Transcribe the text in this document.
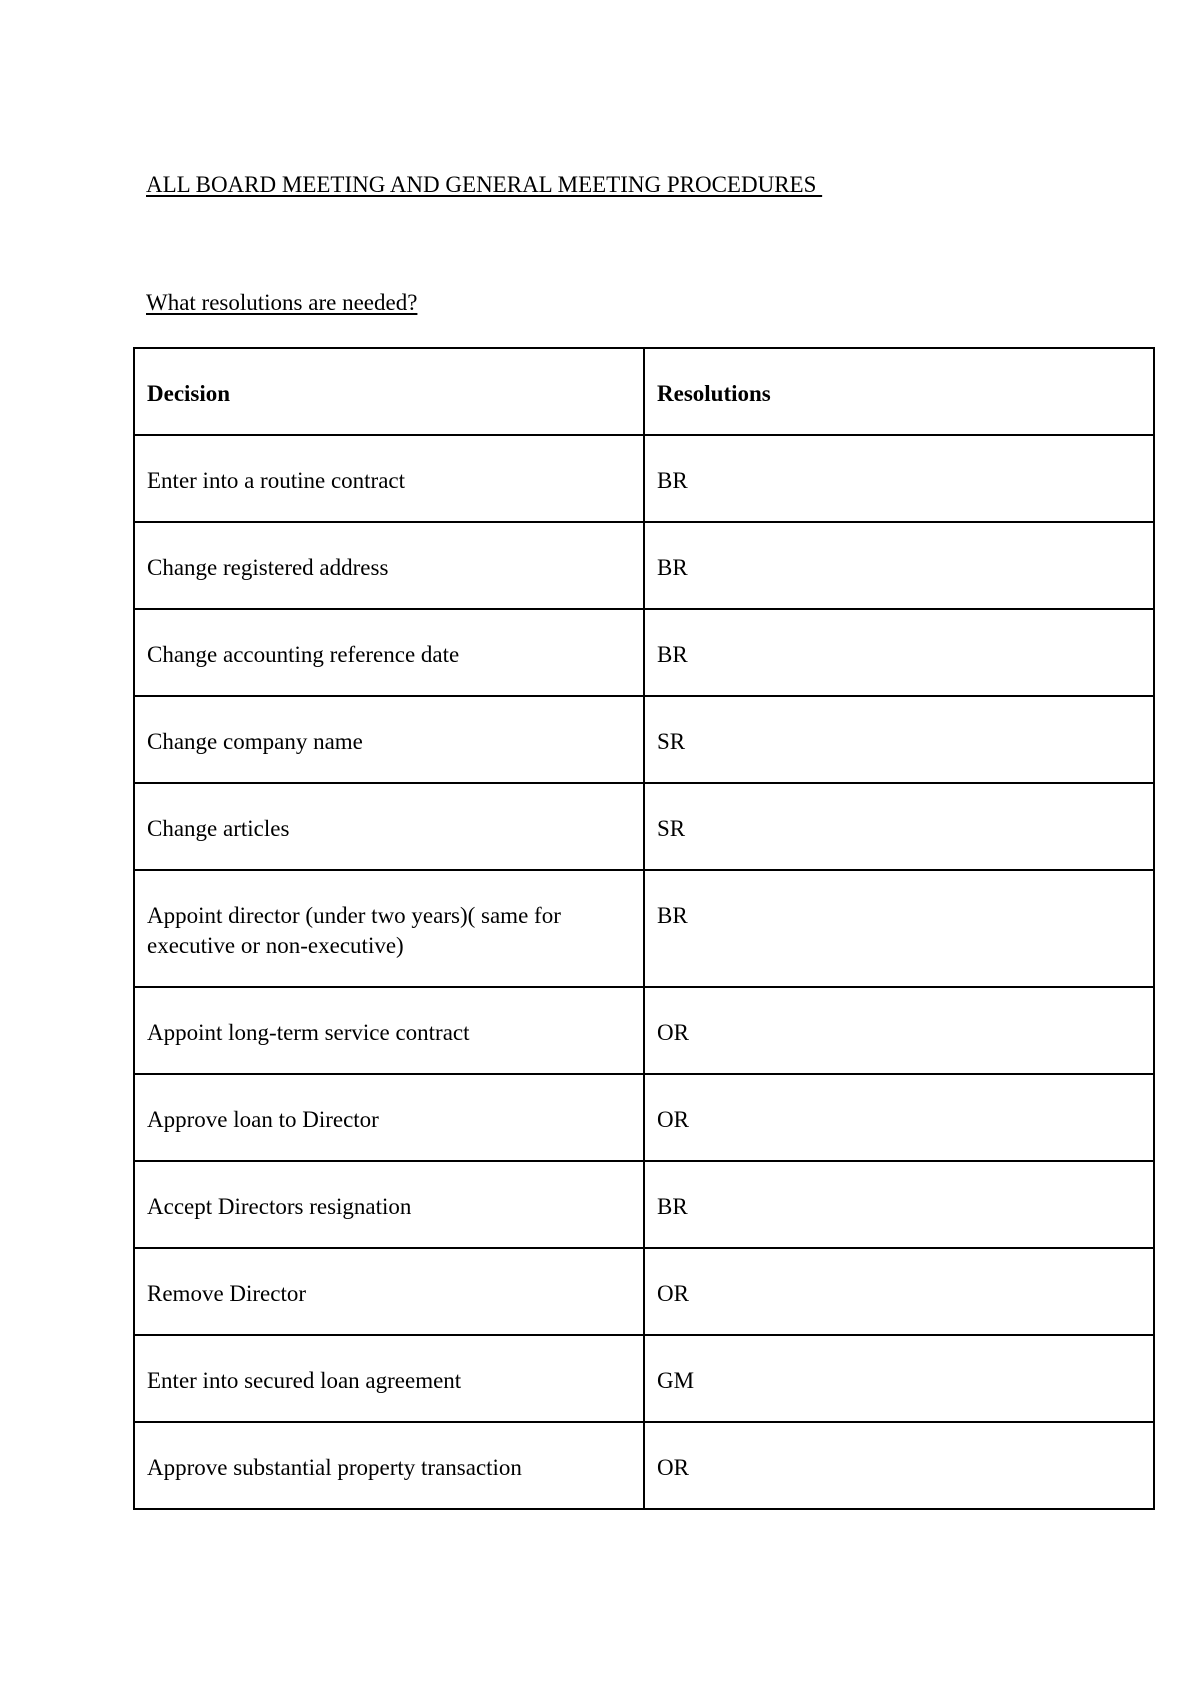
ALL BOARD MEETING AND GENERAL MEETING PROCEDURES
What resolutions are needed?
Decision	Resolutions
Enter into a routine contract	BR
Change registered address	BR
Change accounting reference date	BR
Change company name	SR
Change articles	SR
Appoint director (under two years)( same for executive or non-executive)	BR
Appoint long-term service contract	OR
Approve loan to Director	OR
Accept Directors resignation	BR
Remove Director	OR
Enter into secured loan agreement	GM
Approve substantial property transaction	OR
